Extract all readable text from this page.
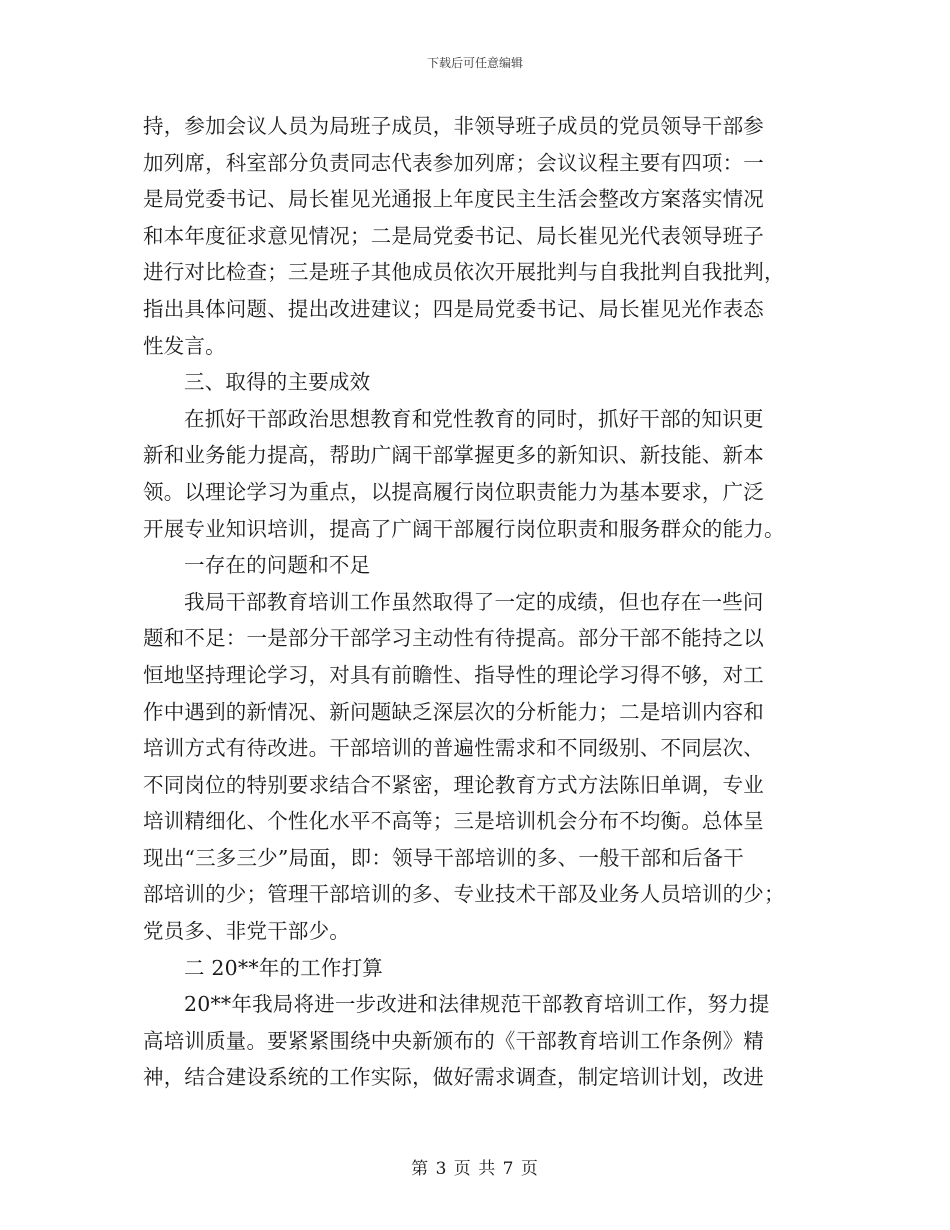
下载后可任意编辑
持，参加会议人员为局班子成员，非领导班子成员的党员领导干部参
加列席，科室部分负责同志代表参加列席；会议议程主要有四项：一
是局党委书记、局长崔见光通报上年度民主生活会整改方案落实情况
和本年度征求意见情况；二是局党委书记、局长崔见光代表领导班子
进行对比检查；三是班子其他成员依次开展批判与自我批判自我批判，
指出具体问题、提出改进建议；四是局党委书记、局长崔见光作表态
性发言。
三、取得的主要成效
在抓好干部政治思想教育和党性教育的同时，抓好干部的知识更
新和业务能力提高，帮助广阔干部掌握更多的新知识、新技能、新本
领。以理论学习为重点，以提高履行岗位职责能力为基本要求，广泛
开展专业知识培训，提高了广阔干部履行岗位职责和服务群众的能力。
一存在的问题和不足
我局干部教育培训工作虽然取得了一定的成绩，但也存在一些问
题和不足：一是部分干部学习主动性有待提高。部分干部不能持之以
恒地坚持理论学习，对具有前瞻性、指导性的理论学习得不够，对工
作中遇到的新情况、新问题缺乏深层次的分析能力；二是培训内容和
培训方式有待改进。干部培训的普遍性需求和不同级别、不同层次、
不同岗位的特别要求结合不紧密，理论教育方式方法陈旧单调，专业
培训精细化、个性化水平不高等；三是培训机会分布不均衡。总体呈
现出“三多三少”局面，即：领导干部培训的多、一般干部和后备干
部培训的少；管理干部培训的多、专业技术干部及业务人员培训的少；
党员多、非党干部少。
二 20**年的工作打算
20**年我局将进一步改进和法律规范干部教育培训工作，努力提
高培训质量。要紧紧围绕中央新颁布的《干部教育培训工作条例》精
神，结合建设系统的工作实际，做好需求调查，制定培训计划，改进
第 3 页 共 7 页
